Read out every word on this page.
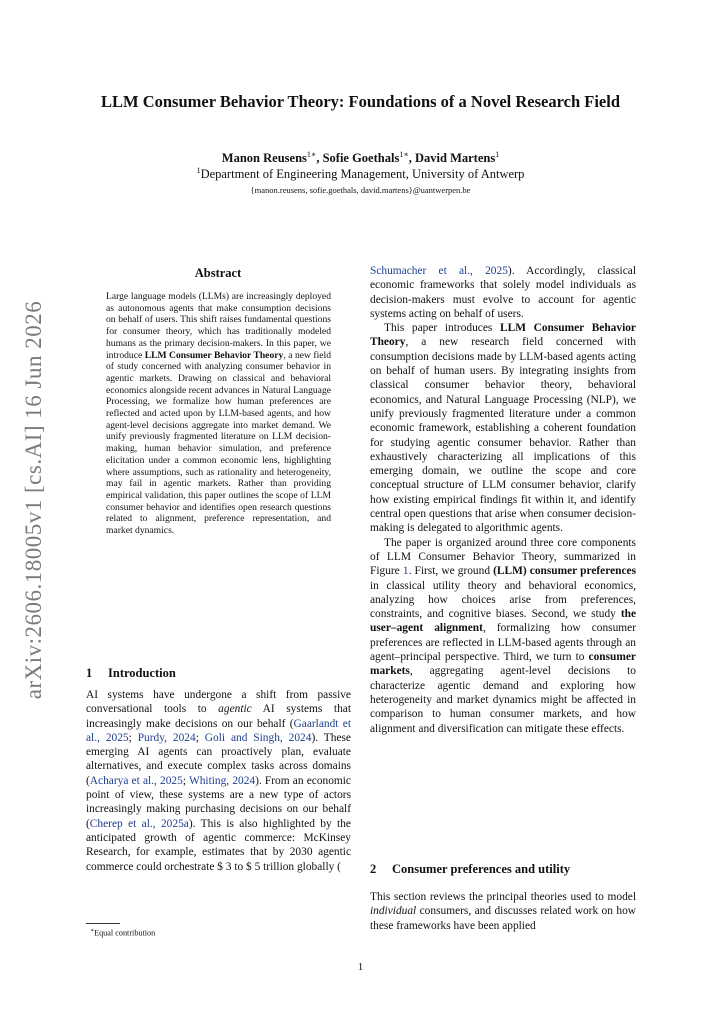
arXiv:2606.18005v1 [cs.AI] 16 Jun 2026
LLM Consumer Behavior Theory: Foundations of a Novel Research Field
Manon Reusens$^{1∗}$, Sofie Goethals$^{1∗}$, David Martens$^1$
$^1$Department of Engineering Management, University of Antwerp
{manon.reusens, sofie.goethals, david.martens}@uantwerpen.be
Abstract
Large language models (LLMs) are increasingly deployed as autonomous agents that make consumption decisions on behalf of users. This shift raises fundamental questions for consumer theory, which has traditionally modeled humans as the primary decision-makers. In this paper, we introduce LLM Consumer Behavior Theory, a new field of study concerned with analyzing consumer behavior in agentic markets. Drawing on classical and behavioral economics alongside recent advances in Natural Language Processing, we formalize how human preferences are reflected and acted upon by LLM-based agents, and how agent-level decisions aggregate into market demand. We unify previously fragmented literature on LLM decision-making, human behavior simulation, and preference elicitation under a common economic lens, highlighting where assumptions, such as rationality and heterogeneity, may fail in agentic markets. Rather than providing empirical validation, this paper outlines the scope of LLM consumer behavior and identifies open research questions related to alignment, preference representation, and market dynamics.
1 Introduction

AI systems have undergone a shift from passive conversational tools to agentic AI systems that increasingly make decisions on our behalf (Gaarlandt et al., 2025; Purdy, 2024; Goli and Singh, 2024). These emerging AI agents can proactively plan, evaluate alternatives, and execute complex tasks across domains (Acharya et al., 2025; Whiting, 2024). From an economic point of view, these systems are a new type of actors increasingly making purchasing decisions on our behalf (Cherep et al., 2025a). This is also highlighted by the anticipated growth of agentic commerce: McKinsey Research, for example, estimates that by 2030 agentic commerce could orchestrate $ 3 to $ 5 trillion globally (

Schumacher et al., 2025). Accordingly, classical economic frameworks that solely model individuals as decision-makers must evolve to account for agentic systems acting on behalf of users.

This paper introduces LLM Consumer Behavior Theory, a new research field concerned with consumption decisions made by LLM-based agents acting on behalf of human users. By integrating insights from classical consumer behavior theory, behavioral economics, and Natural Language Processing (NLP), we unify previously fragmented literature under a common economic framework, establishing a coherent foundation for studying agentic consumer behavior. Rather than exhaustively characterizing all implications of this emerging domain, we outline the scope and core conceptual structure of LLM consumer behavior, clarify how existing empirical findings fit within it, and identify central open questions that arise when consumer decision-making is delegated to algorithmic agents.

The paper is organized around three core components of LLM Consumer Behavior Theory, summarized in Figure 1. First, we ground (LLM) consumer preferences in classical utility theory and behavioral economics, analyzing how choices arise from preferences, constraints, and cognitive biases. Second, we study the user–agent alignment, formalizing how consumer preferences are reflected in LLM-based agents through an agent–principal perspective. Third, we turn to consumer markets, aggregating agent-level decisions to characterize agentic demand and exploring how heterogeneity and market dynamics might be affected in comparison to human consumer markets, and how alignment and diversification can mitigate these effects.

2 Consumer preferences and utility

This section reviews the principal theories used to model individual consumers, and discusses related work on how these frameworks have been applied

∗Equal contribution
1
